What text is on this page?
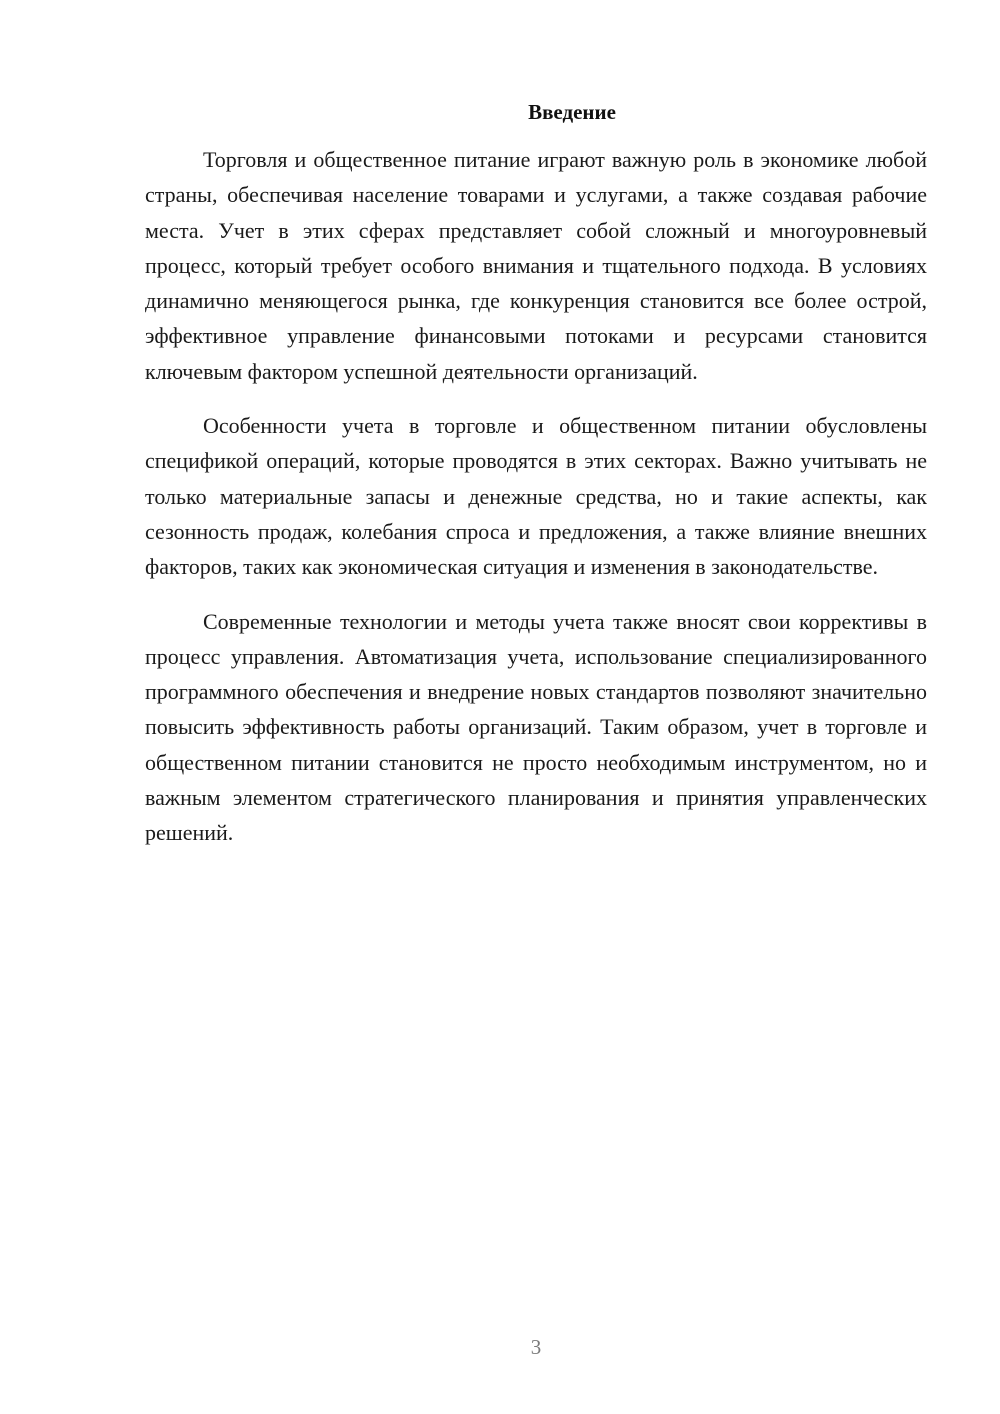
Введение

Торговля и общественное питание играют важную роль в экономике любой страны, обеспечивая население товарами и услугами, а также создавая рабочие места. Учет в этих сферах представляет собой сложный и многоуровневый процесс, который требует особого внимания и тщательного подхода. В условиях динамично меняющегося рынка, где конкуренция становится все более острой, эффективное управление финансовыми потоками и ресурсами становится ключевым фактором успешной деятельности организаций.

Особенности учета в торговле и общественном питании обусловлены спецификой операций, которые проводятся в этих секторах. Важно учитывать не только материальные запасы и денежные средства, но и такие аспекты, как сезонность продаж, колебания спроса и предложения, а также влияние внешних факторов, таких как экономическая ситуация и изменения в законодательстве.

Современные технологии и методы учета также вносят свои коррективы в процесс управления. Автоматизация учета, использование специализированного программного обеспечения и внедрение новых стандартов позволяют значительно повысить эффективность работы организаций. Таким образом, учет в торговле и общественном питании становится не просто необходимым инструментом, но и важным элементом стратегического планирования и принятия управленческих решений.

3
